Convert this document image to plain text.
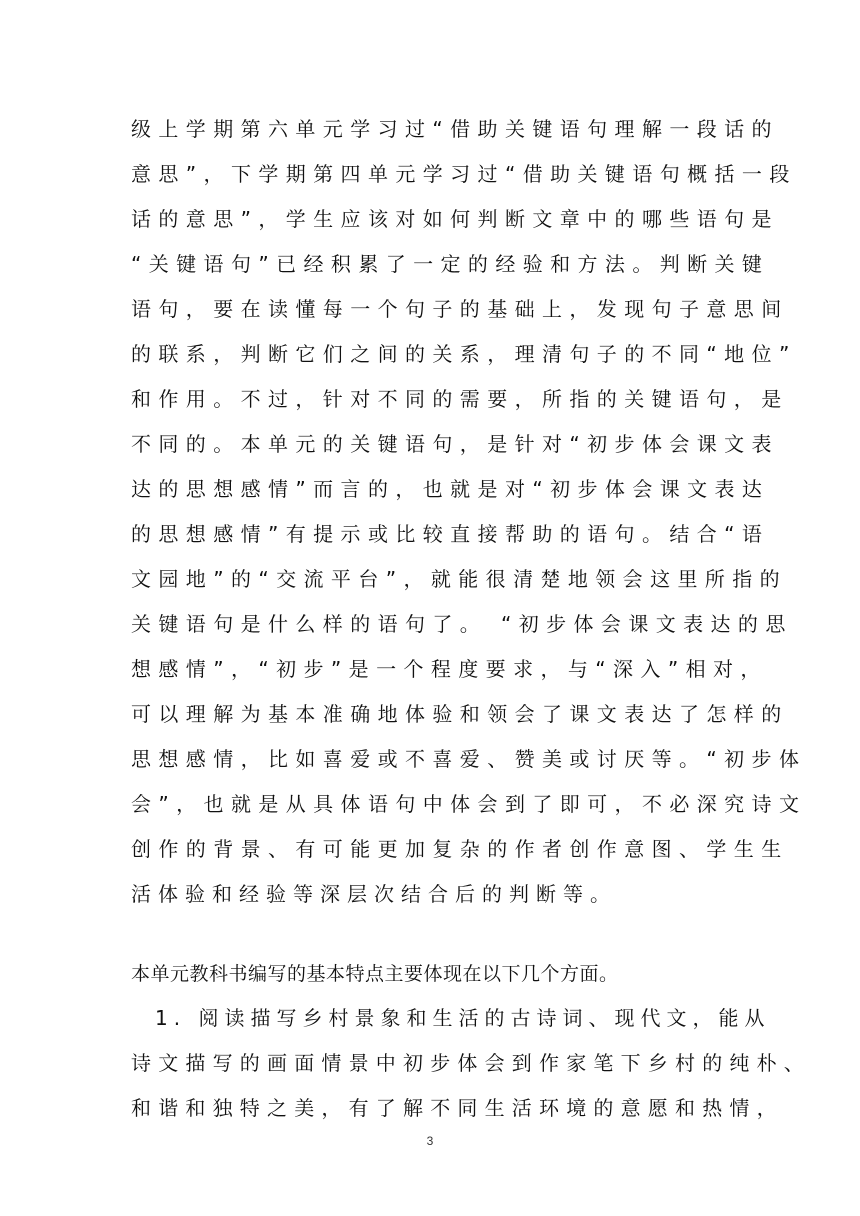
级上学期第六单元学习过“借助关键语句理解一段话的
意思”，下学期第四单元学习过“借助关键语句概括一段
话的意思”，学生应该对如何判断文章中的哪些语句是
“关键语句”已经积累了一定的经验和方法。判断关键
语句，要在读懂每一个句子的基础上，发现句子意思间
的联系，判断它们之间的关系，理清句子的不同“地位”
和作用。不过，针对不同的需要，所指的关键语句，是
不同的。本单元的关键语句，是针对“初步体会课文表
达的思想感情”而言的，也就是对“初步体会课文表达
的思想感情”有提示或比较直接帮助的语句。结合“语
文园地”的“交流平台”，就能很清楚地领会这里所指的
关键语句是什么样的语句了。 “初步体会课文表达的思
想感情”，“初步”是一个程度要求，与“深入”相对，
可以理解为基本准确地体验和领会了课文表达了怎样的
思想感情，比如喜爱或不喜爱、赞美或讨厌等。“初步体
会”，也就是从具体语句中体会到了即可，不必深究诗文
创作的背景、有可能更加复杂的作者创作意图、学生生
活体验和经验等深层次结合后的判断等。
本单元教科书编写的基本特点主要体现在以下几个方面。
1. 阅读描写乡村景象和生活的古诗词、现代文，能从
诗文描写的画面情景中初步体会到作家笔下乡村的纯朴、
和谐和独特之美，有了解不同生活环境的意愿和热情，
3
